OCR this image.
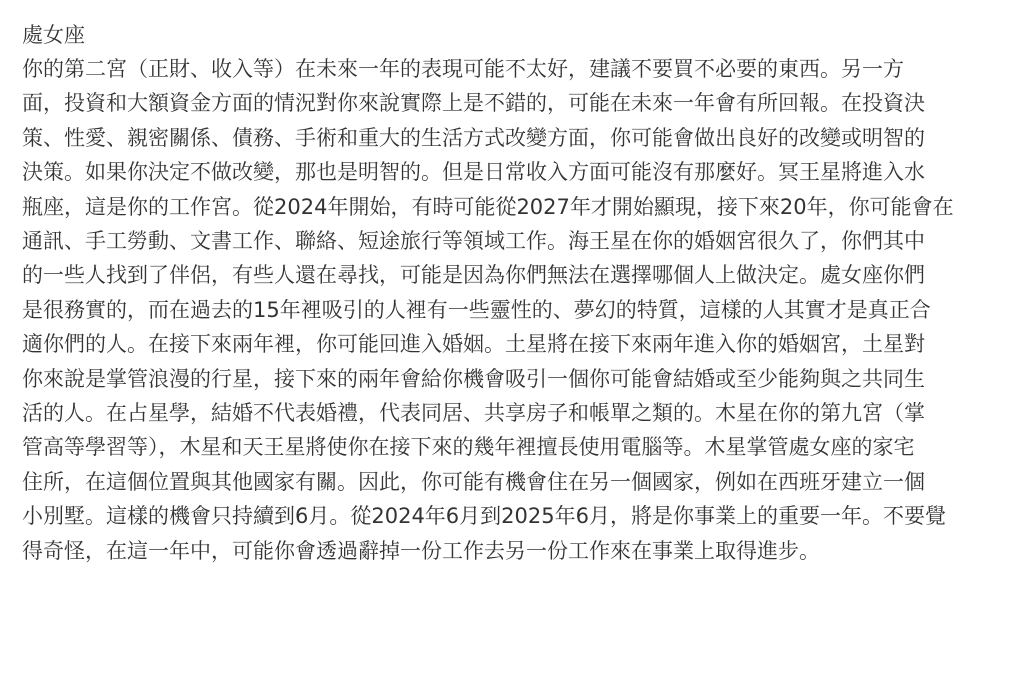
處女座
你的第二宮（正財、收入等）在未來一年的表現可能不太好，建議不要買不必要的東西。另一方
面，投資和大額資金方面的情況對你來說實際上是不錯的，可能在未來一年會有所回報。在投資決
策、性愛、親密關係、債務、手術和重大的生活方式改變方面，你可能會做出良好的改變或明智的
決策。如果你決定不做改變，那也是明智的。但是日常收入方面可能沒有那麼好。冥王星將進入水
瓶座，這是你的工作宮。從2024年開始，有時可能從2027年才開始顯現，接下來20年，你可能會在
通訊、手工勞動、文書工作、聯絡、短途旅行等領域工作。海王星在你的婚姻宮很久了，你們其中
的一些人找到了伴侶，有些人還在尋找，可能是因為你們無法在選擇哪個人上做決定。處女座你們
是很務實的，而在過去的15年裡吸引的人裡有一些靈性的、夢幻的特質，這樣的人其實才是真正合
適你們的人。在接下來兩年裡，你可能回進入婚姻。土星將在接下來兩年進入你的婚姻宮，土星對
你來說是掌管浪漫的行星，接下來的兩年會給你機會吸引一個你可能會結婚或至少能夠與之共同生
活的人。在占星學，結婚不代表婚禮，代表同居、共享房子和帳單之類的。木星在你的第九宮（掌
管高等學習等），木星和天王星將使你在接下來的幾年裡擅長使用電腦等。木星掌管處女座的家宅
住所，在這個位置與其他國家有關。因此，你可能有機會住在另一個國家，例如在西班牙建立一個
小別墅。這樣的機會只持續到6月。從2024年6月到2025年6月，將是你事業上的重要一年。不要覺
得奇怪，在這一年中，可能你會透過辭掉一份工作去另一份工作來在事業上取得進步。
